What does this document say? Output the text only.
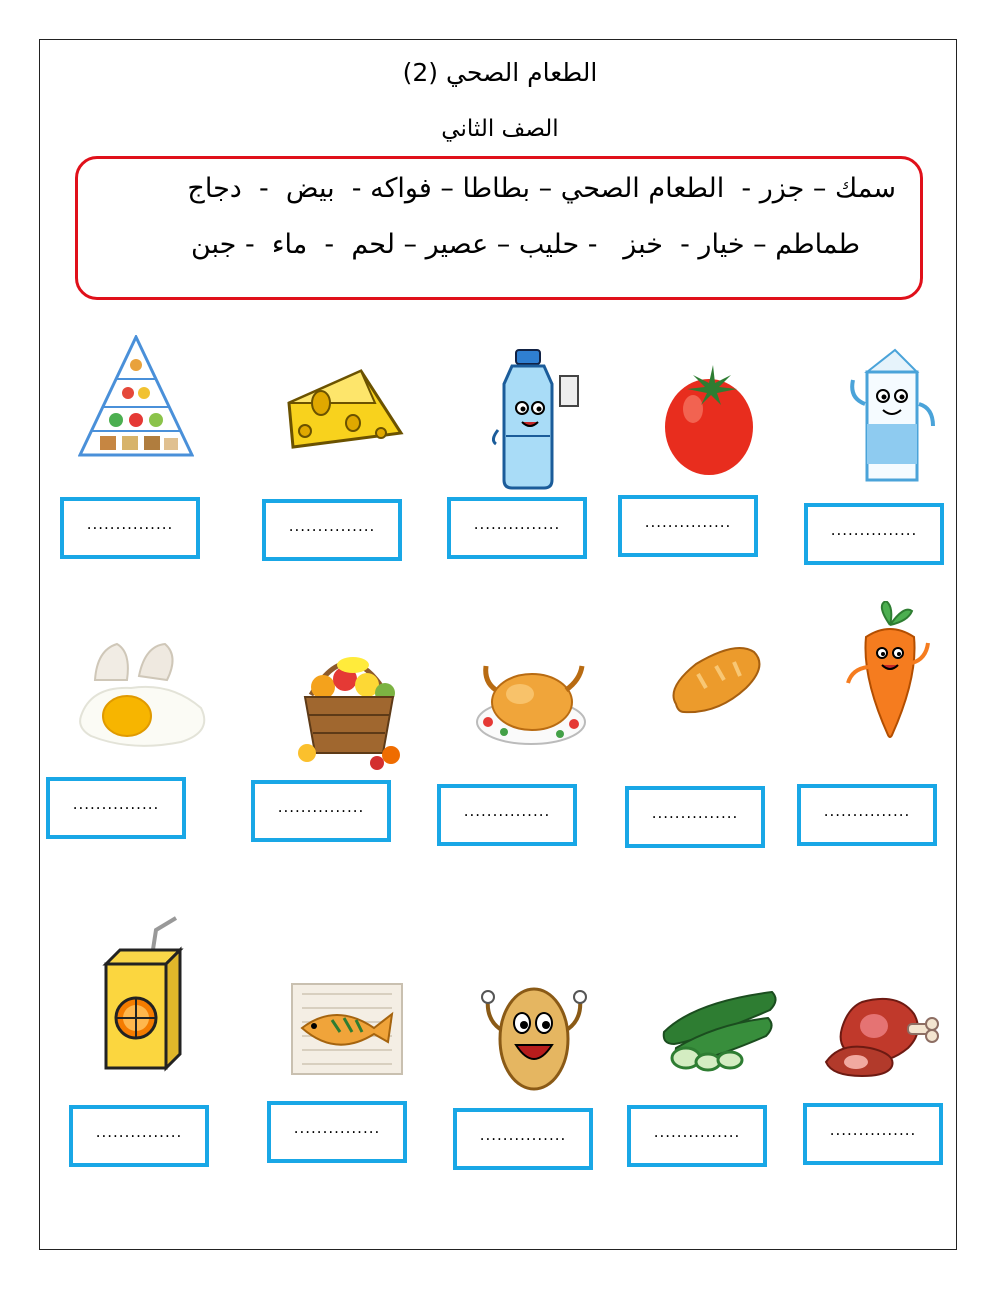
الطعام الصحي (2)
الصف الثاني
سمك – جزر -  الطعام الصحي – بطاطا – فواكه -  بيض  -  دجاج
طماطم – خيار -  خبز   - حليب – عصير – لحم  -  ماء  - جبن
...............	...............	...............	...............	...............
...............	...............	...............	...............	...............
...............	...............	...............	...............	...............
